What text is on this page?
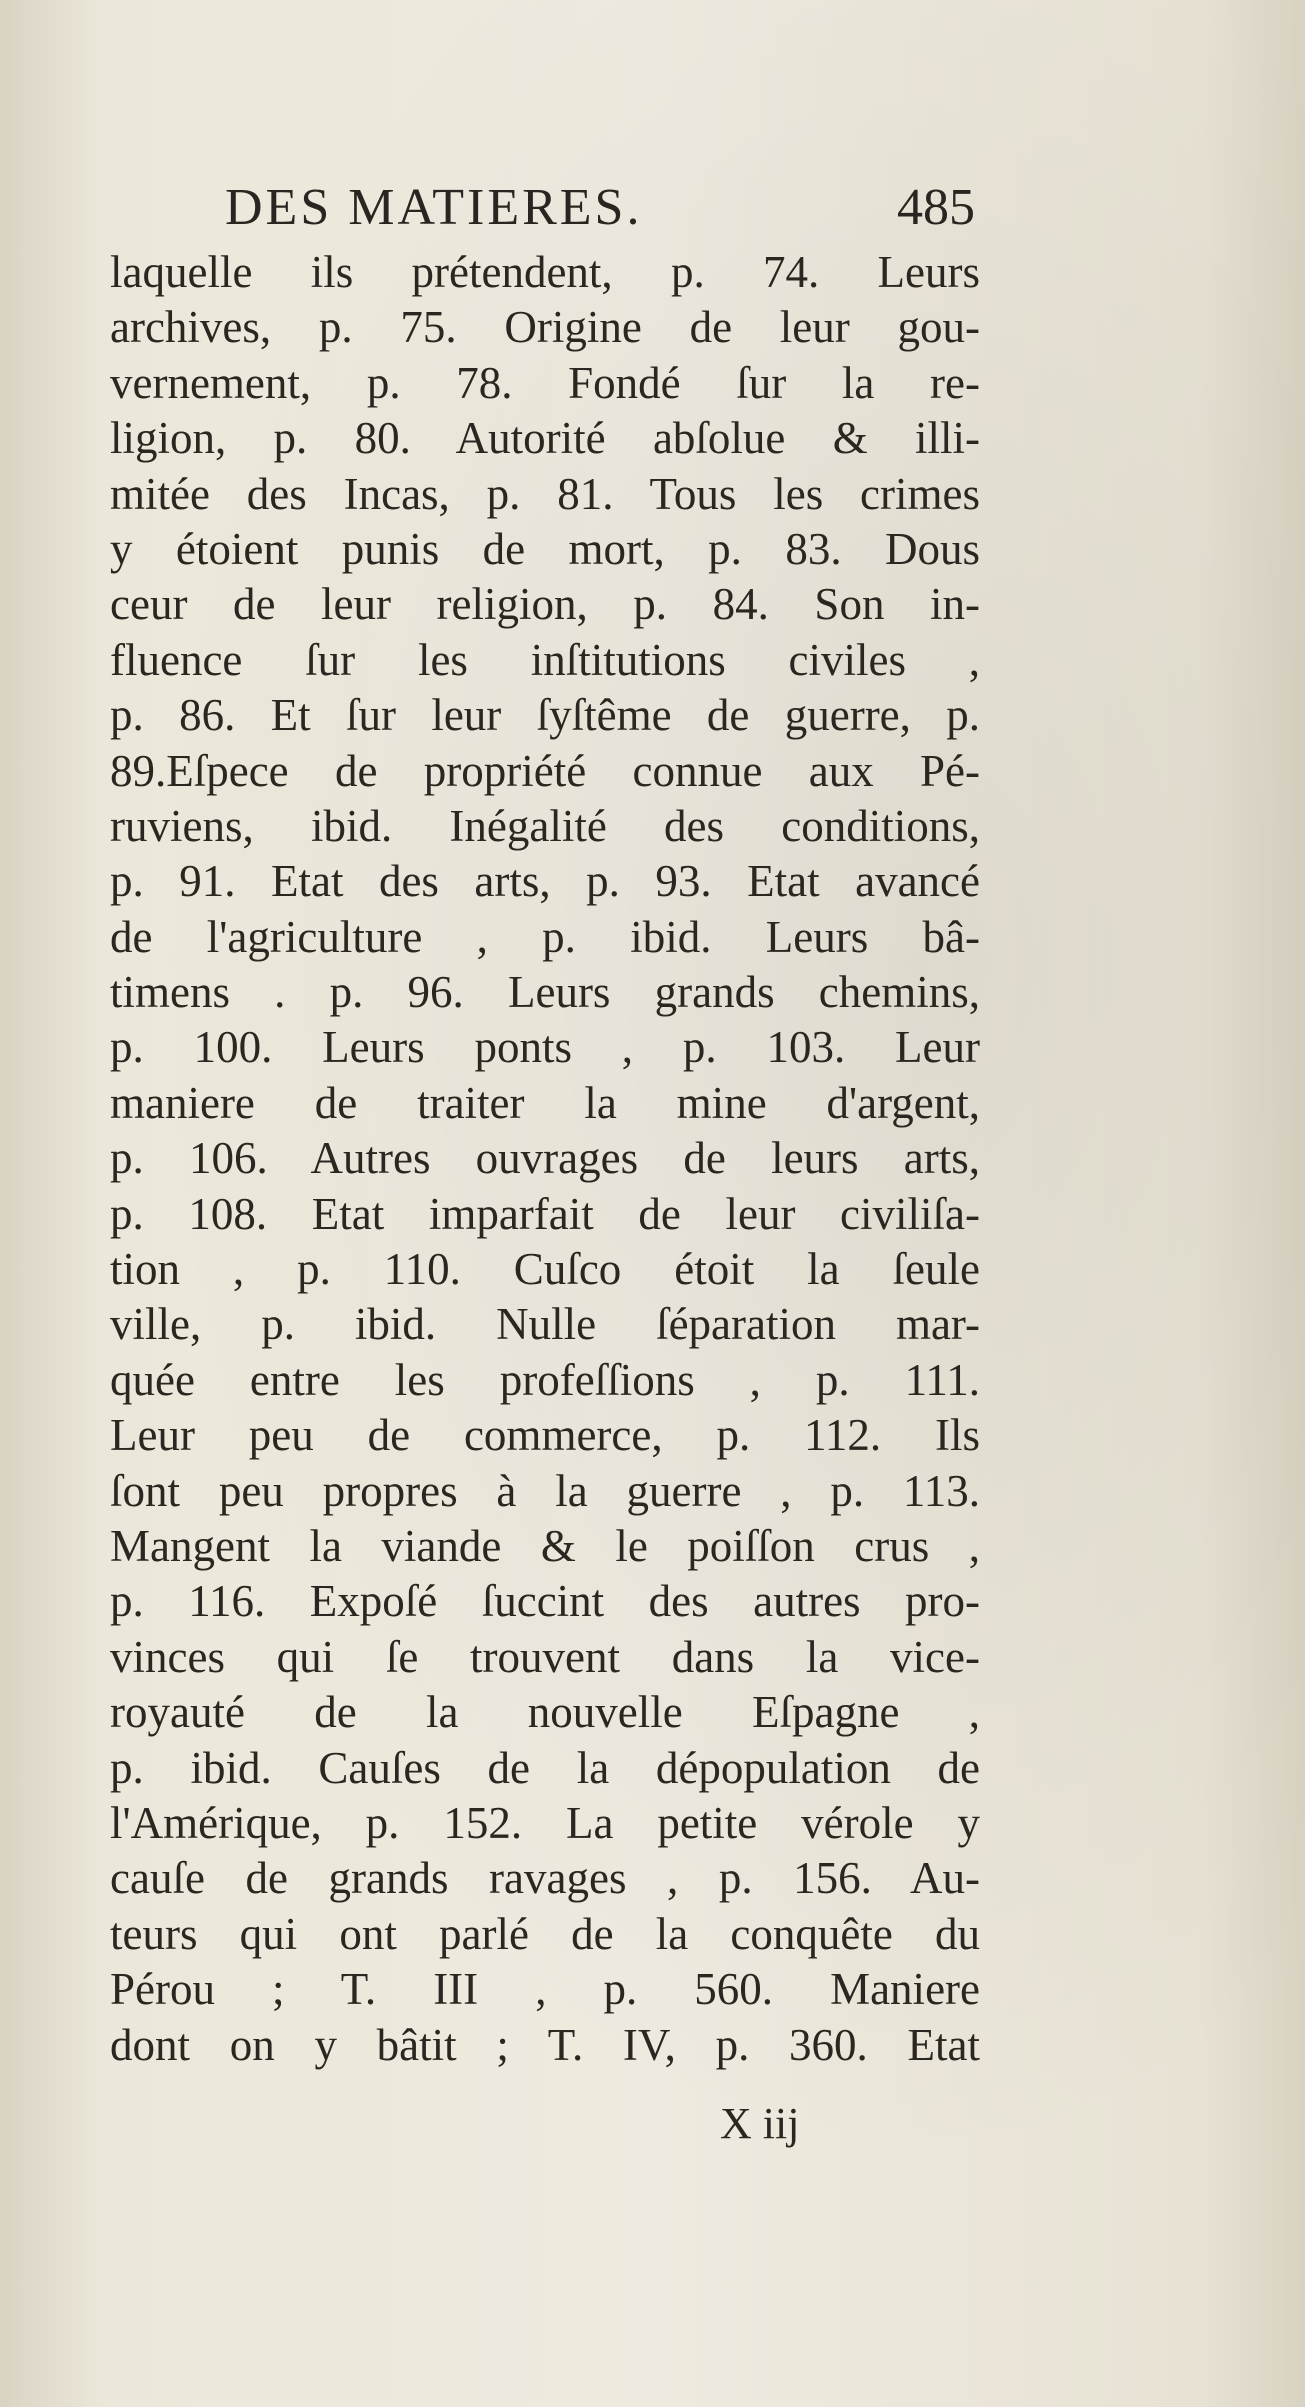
DES MATIERES.	485
laquelle ils prétendent, p. 74. Leurs
archives, p. 75. Origine de leur gou-
vernement, p. 78. Fondé ſur la re-
ligion, p. 80. Autorité abſolue & illi-
mitée des Incas, p. 81. Tous les crimes
y étoient punis de mort, p. 83. Dous
ceur de leur religion, p. 84. Son in-
fluence ſur les inſtitutions civiles ,
p. 86. Et ſur leur ſyſtême de guerre, p.
89.Eſpece de propriété connue aux Pé-
ruviens, ibid. Inégalité des conditions,
p. 91. Etat des arts, p. 93. Etat avancé
de l'agriculture , p. ibid. Leurs bâ-
timens . p. 96. Leurs grands chemins,
p. 100. Leurs ponts , p. 103. Leur
maniere de traiter la mine d'argent,
p. 106. Autres ouvrages de leurs arts,
p. 108. Etat imparfait de leur civiliſa-
tion , p. 110. Cuſco étoit la ſeule
ville, p. ibid. Nulle ſéparation mar-
quée entre les profeſſions , p. 111.
Leur peu de commerce, p. 112. Ils
ſont peu propres à la guerre , p. 113.
Mangent la viande & le poiſſon crus ,
p. 116. Expoſé ſuccint des autres pro-
vinces qui ſe trouvent dans la vice-
royauté de la nouvelle Eſpagne ,
p. ibid. Cauſes de la dépopulation de
l'Amérique, p. 152. La petite vérole y
cauſe de grands ravages , p. 156. Au-
teurs qui ont parlé de la conquête du
Pérou ; T. III , p. 560. Maniere
dont on y bâtit ; T. IV, p. 360. Etat
X iij
